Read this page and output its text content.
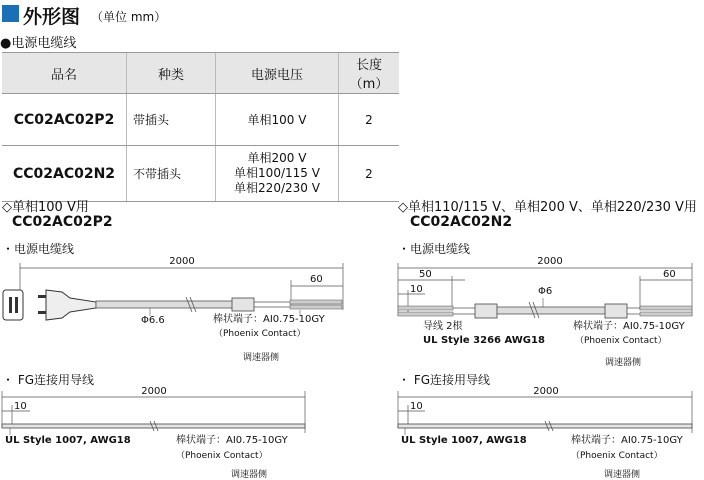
外形图 （单位 mm）
●电源电缆线
品名	种类	电源电压	长度（m）
CC02AC02P2	带插头	单相100 V	2
CC02AC02N2	不带插头	单相200 V
单相100/115 V
单相220/230 V	2
◇单相100 V用
CC02AC02P2
・电源电缆线
・ FG连接用导线
◇单相110/115 V、单相200 V、单相220/230 V用
CC02AC02N2
・电源电缆线
・ FG连接用导线
2000
60
Φ6.6	棒状端子：AI0.75-10GY
（Phoenix Contact）
调速器侧
2000
10
UL Style 1007, AWG18	棒状端子：AI0.75-10GY
（Phoenix Contact）
调速器侧
2000
50
10
60
Φ6
导线 2根
UL Style 3266 AWG18
棒状端子：AI0.75-10GY
（Phoenix Contact）
调速器侧
2000
10
UL Style 1007, AWG18	棒状端子：AI0.75-10GY
（Phoenix Contact）
调速器侧
